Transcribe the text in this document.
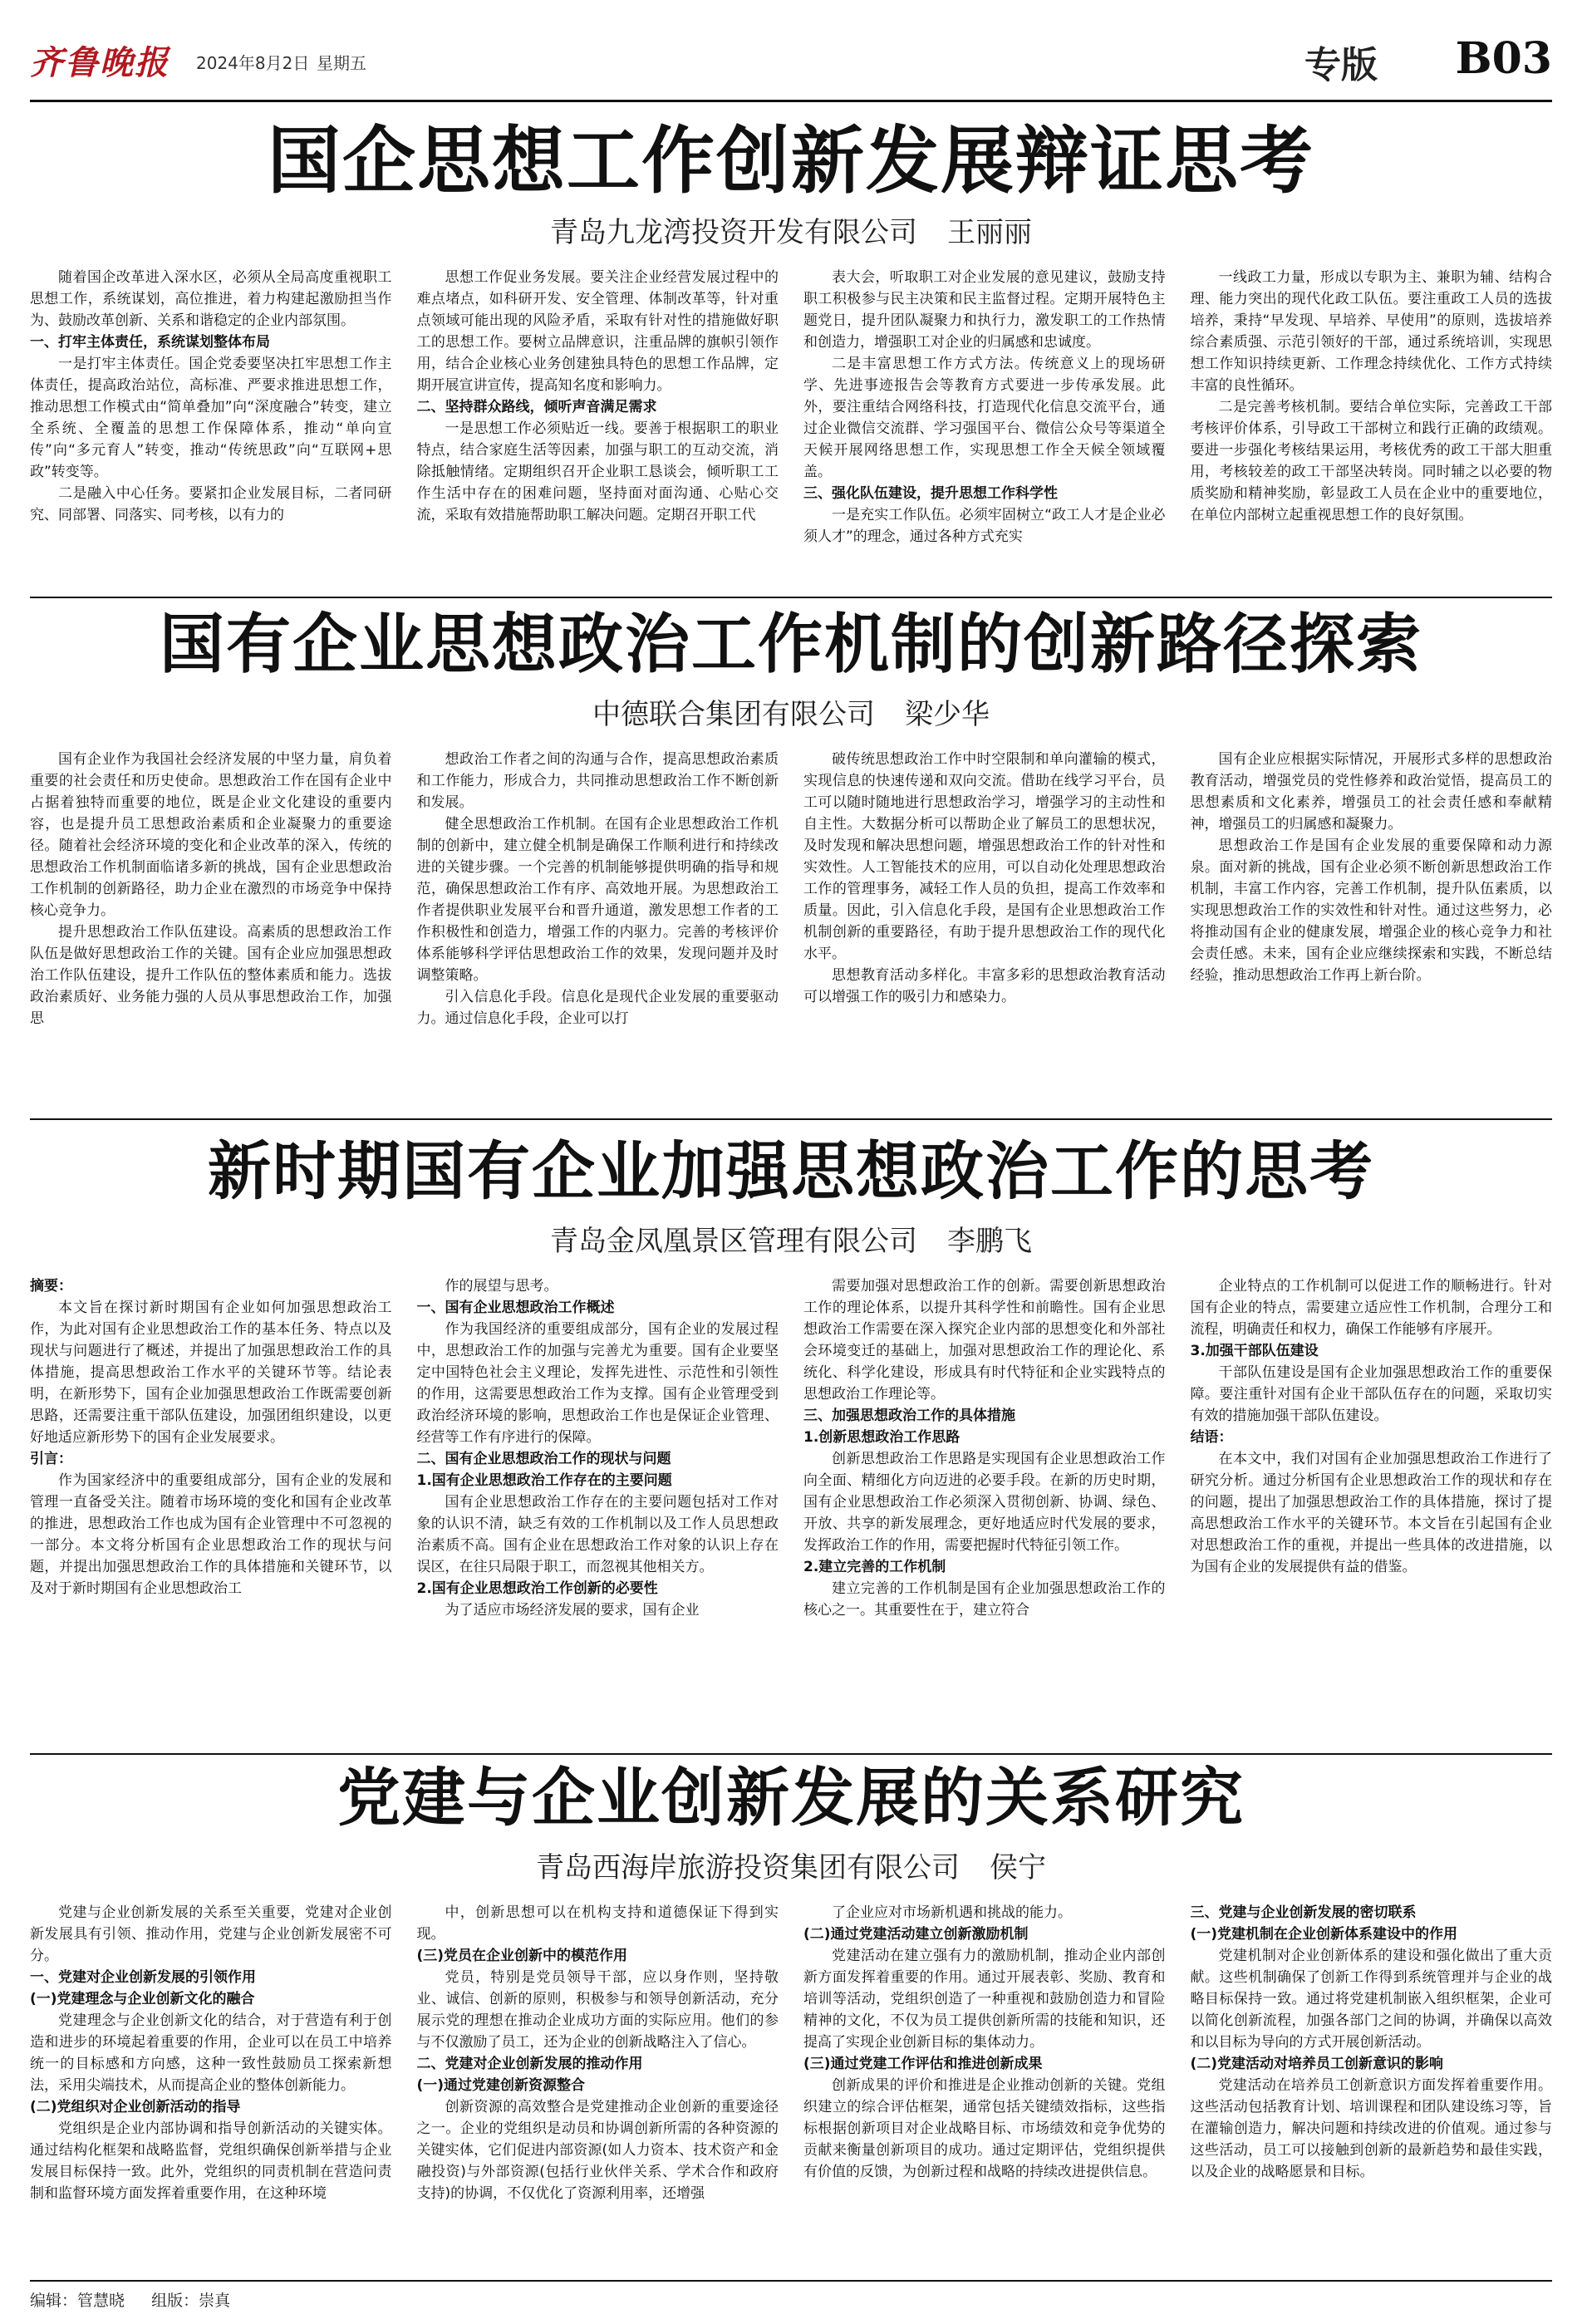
齐鲁晚报 2024年8月2日 星期五	专版 B03
国企思想工作创新发展辩证思考
青岛九龙湾投资开发有限公司 王丽丽

随着国企改革进入深水区，必须从全局高度重视职工思想工作，系统谋划，高位推进，着力构建起激励担当作为、鼓励改革创新、关系和谐稳定的企业内部氛围。

一、打牢主体责任，系统谋划整体布局

一是打牢主体责任。国企党委要坚决扛牢思想工作主体责任，提高政治站位，高标准、严要求推进思想工作，推动思想工作模式由“简单叠加”向“深度融合”转变，建立全系统、全覆盖的思想工作保障体系，推动“单向宣传”向“多元育人”转变，推动“传统思政”向“互联网+思政”转变等。

二是融入中心任务。要紧扣企业发展目标，二者同研究、同部署、同落实、同考核，以有力的

思想工作促业务发展。要关注企业经营发展过程中的难点堵点，如科研开发、安全管理、体制改革等，针对重点领域可能出现的风险矛盾，采取有针对性的措施做好职工的思想工作。要树立品牌意识，注重品牌的旗帜引领作用，结合企业核心业务创建独具特色的思想工作品牌，定期开展宣讲宣传，提高知名度和影响力。

二、坚持群众路线，倾听声音满足需求

一是思想工作必须贴近一线。要善于根据职工的职业特点，结合家庭生活等因素，加强与职工的互动交流，消除抵触情绪。定期组织召开企业职工恳谈会，倾听职工工作生活中存在的困难问题，坚持面对面沟通、心贴心交流，采取有效措施帮助职工解决问题。定期召开职工代

表大会，听取职工对企业发展的意见建议，鼓励支持职工积极参与民主决策和民主监督过程。定期开展特色主题党日，提升团队凝聚力和执行力，激发职工的工作热情和创造力，增强职工对企业的归属感和忠诚度。

二是丰富思想工作方式方法。传统意义上的现场研学、先进事迹报告会等教育方式要进一步传承发展。此外，要注重结合网络科技，打造现代化信息交流平台，通过企业微信交流群、学习强国平台、微信公众号等渠道全天候开展网络思想工作，实现思想工作全天候全领域覆盖。

三、强化队伍建设，提升思想工作科学性

一是充实工作队伍。必须牢固树立“政工人才是企业必须人才”的理念，通过各种方式充实

一线政工力量，形成以专职为主、兼职为辅、结构合理、能力突出的现代化政工队伍。要注重政工人员的选拔培养，秉持“早发现、早培养、早使用”的原则，选拔培养综合素质强、示范引领好的干部，通过系统培训，实现思想工作知识持续更新、工作理念持续优化、工作方式持续丰富的良性循环。

二是完善考核机制。要结合单位实际，完善政工干部考核评价体系，引导政工干部树立和践行正确的政绩观。要进一步强化考核结果运用，考核优秀的政工干部大胆重用，考核较差的政工干部坚决转岗。同时辅之以必要的物质奖励和精神奖励，彰显政工人员在企业中的重要地位，在单位内部树立起重视思想工作的良好氛围。

国有企业思想政治工作机制的创新路径探索
中德联合集团有限公司 梁少华

国有企业作为我国社会经济发展的中坚力量，肩负着重要的社会责任和历史使命。思想政治工作在国有企业中占据着独特而重要的地位，既是企业文化建设的重要内容，也是提升员工思想政治素质和企业凝聚力的重要途径。随着社会经济环境的变化和企业改革的深入，传统的思想政治工作机制面临诸多新的挑战，国有企业思想政治工作机制的创新路径，助力企业在激烈的市场竞争中保持核心竞争力。

提升思想政治工作队伍建设。高素质的思想政治工作队伍是做好思想政治工作的关键。国有企业应加强思想政治工作队伍建设，提升工作队伍的整体素质和能力。选拔政治素质好、业务能力强的人员从事思想政治工作，加强思

想政治工作者之间的沟通与合作，提高思想政治素质和工作能力，形成合力，共同推动思想政治工作不断创新和发展。

健全思想政治工作机制。在国有企业思想政治工作机制的创新中，建立健全机制是确保工作顺利进行和持续改进的关键步骤。一个完善的机制能够提供明确的指导和规范，确保思想政治工作有序、高效地开展。为思想政治工作者提供职业发展平台和晋升通道，激发思想工作者的工作积极性和创造力，增强工作的内驱力。完善的考核评价体系能够科学评估思想政治工作的效果，发现问题并及时调整策略。

引入信息化手段。信息化是现代企业发展的重要驱动力。通过信息化手段，企业可以打

破传统思想政治工作中时空限制和单向灌输的模式，实现信息的快速传递和双向交流。借助在线学习平台，员工可以随时随地进行思想政治学习，增强学习的主动性和自主性。大数据分析可以帮助企业了解员工的思想状况，及时发现和解决思想问题，增强思想政治工作的针对性和实效性。人工智能技术的应用，可以自动化处理思想政治工作的管理事务，减轻工作人员的负担，提高工作效率和质量。因此，引入信息化手段，是国有企业思想政治工作机制创新的重要路径，有助于提升思想政治工作的现代化水平。

思想教育活动多样化。丰富多彩的思想政治教育活动可以增强工作的吸引力和感染力。

国有企业应根据实际情况，开展形式多样的思想政治教育活动，增强党员的党性修养和政治觉悟，提高员工的思想素质和文化素养，增强员工的社会责任感和奉献精神，增强员工的归属感和凝聚力。

思想政治工作是国有企业发展的重要保障和动力源泉。面对新的挑战，国有企业必须不断创新思想政治工作机制，丰富工作内容，完善工作机制，提升队伍素质，以实现思想政治工作的实效性和针对性。通过这些努力，必将推动国有企业的健康发展，增强企业的核心竞争力和社会责任感。未来，国有企业应继续探索和实践，不断总结经验，推动思想政治工作再上新台阶。

新时期国有企业加强思想政治工作的思考
青岛金凤凰景区管理有限公司 李鹏飞

摘要：

本文旨在探讨新时期国有企业如何加强思想政治工作，为此对国有企业思想政治工作的基本任务、特点以及现状与问题进行了概述，并提出了加强思想政治工作的具体措施，提高思想政治工作水平的关键环节等。结论表明，在新形势下，国有企业加强思想政治工作既需要创新思路，还需要注重干部队伍建设，加强团组织建设，以更好地适应新形势下的国有企业发展要求。

引言：

作为国家经济中的重要组成部分，国有企业的发展和管理一直备受关注。随着市场环境的变化和国有企业改革的推进，思想政治工作也成为国有企业管理中不可忽视的一部分。本文将分析国有企业思想政治工作的现状与问题，并提出加强思想政治工作的具体措施和关键环节，以及对于新时期国有企业思想政治工

作的展望与思考。

一、国有企业思想政治工作概述

作为我国经济的重要组成部分，国有企业的发展过程中，思想政治工作的加强与完善尤为重要。国有企业要坚定中国特色社会主义理论，发挥先进性、示范性和引领性的作用，这需要思想政治工作为支撑。国有企业管理受到政治经济环境的影响，思想政治工作也是保证企业管理、经营等工作有序进行的保障。

二、国有企业思想政治工作的现状与问题

1.国有企业思想政治工作存在的主要问题

国有企业思想政治工作存在的主要问题包括对工作对象的认识不清，缺乏有效的工作机制以及工作人员思想政治素质不高。国有企业在思想政治工作对象的认识上存在误区，在往只局限于职工，而忽视其他相关方。

2.国有企业思想政治工作创新的必要性

为了适应市场经济发展的要求，国有企业

需要加强对思想政治工作的创新。需要创新思想政治工作的理论体系，以提升其科学性和前瞻性。国有企业思想政治工作需要在深入探究企业内部的思想变化和外部社会环境变迁的基础上，加强对思想政治工作的理论化、系统化、科学化建设，形成具有时代特征和企业实践特点的思想政治工作理论等。

三、加强思想政治工作的具体措施

1.创新思想政治工作思路

创新思想政治工作思路是实现国有企业思想政治工作向全面、精细化方向迈进的必要手段。在新的历史时期，国有企业思想政治工作必须深入贯彻创新、协调、绿色、开放、共享的新发展理念，更好地适应时代发展的要求，发挥政治工作的作用，需要把握时代特征引领工作。

2.建立完善的工作机制

建立完善的工作机制是国有企业加强思想政治工作的核心之一。其重要性在于，建立符合

企业特点的工作机制可以促进工作的顺畅进行。针对国有企业的特点，需要建立适应性工作机制，合理分工和流程，明确责任和权力，确保工作能够有序展开。

3.加强干部队伍建设

干部队伍建设是国有企业加强思想政治工作的重要保障。要注重针对国有企业干部队伍存在的问题，采取切实有效的措施加强干部队伍建设。

结语：

在本文中，我们对国有企业加强思想政治工作进行了研究分析。通过分析国有企业思想政治工作的现状和存在的问题，提出了加强思想政治工作的具体措施，探讨了提高思想政治工作水平的关键环节。本文旨在引起国有企业对思想政治工作的重视，并提出一些具体的改进措施，以为国有企业的发展提供有益的借鉴。

党建与企业创新发展的关系研究
青岛西海岸旅游投资集团有限公司 侯宁

党建与企业创新发展的关系至关重要，党建对企业创新发展具有引领、推动作用，党建与企业创新发展密不可分。

一、党建对企业创新发展的引领作用

(一)党建理念与企业创新文化的融合

党建理念与企业创新文化的结合，对于营造有利于创造和进步的环境起着重要的作用，企业可以在员工中培养统一的目标感和方向感，这种一致性鼓励员工探索新想法，采用尖端技术，从而提高企业的整体创新能力。

(二)党组织对企业创新活动的指导

党组织是企业内部协调和指导创新活动的关键实体。通过结构化框架和战略监督，党组织确保创新举措与企业发展目标保持一致。此外，党组织的同责机制在营造问责制和监督环境方面发挥着重要作用，在这种环境

中，创新思想可以在机构支持和道德保证下得到实现。

(三)党员在企业创新中的模范作用

党员，特别是党员领导干部，应以身作则，坚持敬业、诚信、创新的原则，积极参与和领导创新活动，充分展示党的理想在推动企业成功方面的实际应用。他们的参与不仅激励了员工，还为企业的创新战略注入了信心。

二、党建对企业创新发展的推动作用

(一)通过党建创新资源整合

创新资源的高效整合是党建推动企业创新的重要途径之一。企业的党组织是动员和协调创新所需的各种资源的关键实体，它们促进内部资源(如人力资本、技术资产和金融投资)与外部资源(包括行业伙伴关系、学术合作和政府支持)的协调，不仅优化了资源利用率，还增强

了企业应对市场新机遇和挑战的能力。

(二)通过党建活动建立创新激励机制

党建活动在建立强有力的激励机制，推动企业内部创新方面发挥着重要的作用。通过开展表彰、奖励、教育和培训等活动，党组织创造了一种重视和鼓励创造力和冒险精神的文化，不仅为员工提供创新所需的技能和知识，还提高了实现企业创新目标的集体动力。

(三)通过党建工作评估和推进创新成果

创新成果的评价和推进是企业推动创新的关键。党组织建立的综合评估框架，通常包括关键绩效指标，这些指标根据创新项目对企业战略目标、市场绩效和竞争优势的贡献来衡量创新项目的成功。通过定期评估，党组织提供有价值的反馈，为创新过程和战略的持续改进提供信息。

三、党建与企业创新发展的密切联系

(一)党建机制在企业创新体系建设中的作用

党建机制对企业创新体系的建设和强化做出了重大贡献。这些机制确保了创新工作得到系统管理并与企业的战略目标保持一致。通过将党建机制嵌入组织框架，企业可以简化创新流程，加强各部门之间的协调，并确保以高效和以目标为导向的方式开展创新活动。

(二)党建活动对培养员工创新意识的影响

党建活动在培养员工创新意识方面发挥着重要作用。这些活动包括教育计划、培训课程和团队建设练习等，旨在灌输创造力，解决问题和持续改进的价值观。通过参与这些活动，员工可以接触到创新的最新趋势和最佳实践，以及企业的战略愿景和目标。

编辑：管慧晓 组版：崇真
